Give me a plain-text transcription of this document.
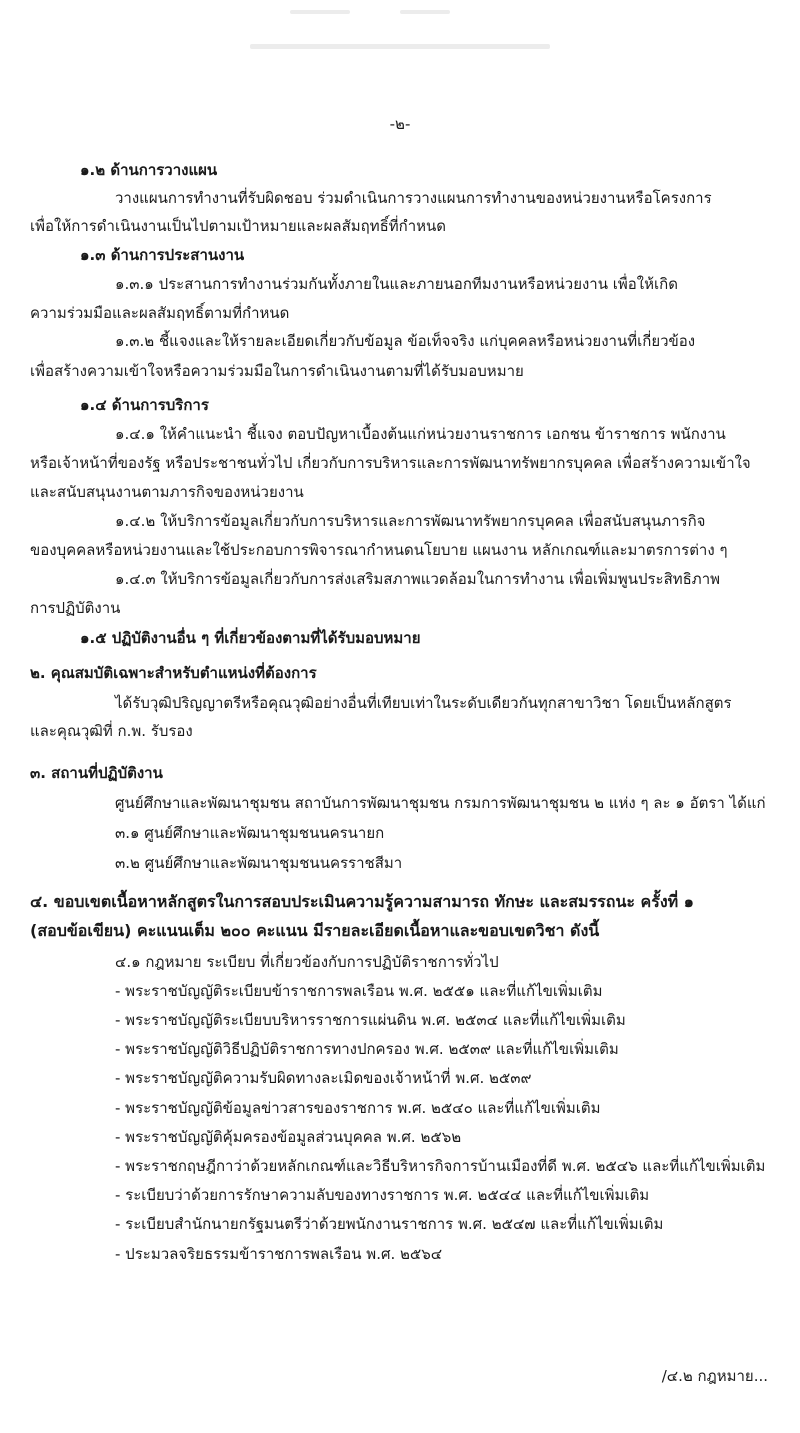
-๒-
๑.๒ ด้านการวางแผน
วางแผนการทำงานที่รับผิดชอบ ร่วมดำเนินการวางแผนการทำงานของหน่วยงานหรือโครงการ
เพื่อให้การดำเนินงานเป็นไปตามเป้าหมายและผลสัมฤทธิ์ที่กำหนด
๑.๓ ด้านการประสานงาน
๑.๓.๑ ประสานการทำงานร่วมกันทั้งภายในและภายนอกทีมงานหรือหน่วยงาน เพื่อให้เกิด
ความร่วมมือและผลสัมฤทธิ์ตามที่กำหนด
๑.๓.๒ ชี้แจงและให้รายละเอียดเกี่ยวกับข้อมูล ข้อเท็จจริง แก่บุคคลหรือหน่วยงานที่เกี่ยวข้อง
เพื่อสร้างความเข้าใจหรือความร่วมมือในการดำเนินงานตามที่ได้รับมอบหมาย
๑.๔ ด้านการบริการ
๑.๔.๑ ให้คำแนะนำ ชี้แจง ตอบปัญหาเบื้องต้นแก่หน่วยงานราชการ เอกชน ข้าราชการ พนักงาน
หรือเจ้าหน้าที่ของรัฐ หรือประชาชนทั่วไป เกี่ยวกับการบริหารและการพัฒนาทรัพยากรบุคคล เพื่อสร้างความเข้าใจ
และสนับสนุนงานตามภารกิจของหน่วยงาน
๑.๔.๒ ให้บริการข้อมูลเกี่ยวกับการบริหารและการพัฒนาทรัพยากรบุคคล เพื่อสนับสนุนภารกิจ
ของบุคคลหรือหน่วยงานและใช้ประกอบการพิจารณากำหนดนโยบาย แผนงาน หลักเกณฑ์และมาตรการต่าง ๆ
๑.๔.๓ ให้บริการข้อมูลเกี่ยวกับการส่งเสริมสภาพแวดล้อมในการทำงาน เพื่อเพิ่มพูนประสิทธิภาพ
การปฏิบัติงาน
๑.๕ ปฏิบัติงานอื่น ๆ ที่เกี่ยวข้องตามที่ได้รับมอบหมาย
๒. คุณสมบัติเฉพาะสำหรับตำแหน่งที่ต้องการ
ได้รับวุฒิปริญญาตรีหรือคุณวุฒิอย่างอื่นที่เทียบเท่าในระดับเดียวกันทุกสาขาวิชา โดยเป็นหลักสูตร
และคุณวุฒิที่ ก.พ. รับรอง
๓. สถานที่ปฏิบัติงาน
ศูนย์ศึกษาและพัฒนาชุมชน สถาบันการพัฒนาชุมชน กรมการพัฒนาชุมชน ๒ แห่ง ๆ ละ ๑ อัตรา ได้แก่
๓.๑ ศูนย์ศึกษาและพัฒนาชุมชนนครนายก
๓.๒ ศูนย์ศึกษาและพัฒนาชุมชนนครราชสีมา
๔. ขอบเขตเนื้อหาหลักสูตรในการสอบประเมินความรู้ความสามารถ ทักษะ และสมรรถนะ ครั้งที่ ๑
(สอบข้อเขียน) คะแนนเต็ม ๒๐๐ คะแนน มีรายละเอียดเนื้อหาและขอบเขตวิชา ดังนี้
๔.๑ กฎหมาย ระเบียบ ที่เกี่ยวข้องกับการปฏิบัติราชการทั่วไป
- พระราชบัญญัติระเบียบข้าราชการพลเรือน พ.ศ. ๒๕๕๑ และที่แก้ไขเพิ่มเติม
- พระราชบัญญัติระเบียบบริหารราชการแผ่นดิน พ.ศ. ๒๕๓๔ และที่แก้ไขเพิ่มเติม
- พระราชบัญญัติวิธีปฏิบัติราชการทางปกครอง พ.ศ. ๒๕๓๙ และที่แก้ไขเพิ่มเติม
- พระราชบัญญัติความรับผิดทางละเมิดของเจ้าหน้าที่ พ.ศ. ๒๕๓๙
- พระราชบัญญัติข้อมูลข่าวสารของราชการ พ.ศ. ๒๕๔๐ และที่แก้ไขเพิ่มเติม
- พระราชบัญญัติคุ้มครองข้อมูลส่วนบุคคล พ.ศ. ๒๕๖๒
- พระราชกฤษฎีกาว่าด้วยหลักเกณฑ์และวิธีบริหารกิจการบ้านเมืองที่ดี พ.ศ. ๒๕๔๖ และที่แก้ไขเพิ่มเติม
- ระเบียบว่าด้วยการรักษาความลับของทางราชการ พ.ศ. ๒๕๔๔ และที่แก้ไขเพิ่มเติม
- ระเบียบสำนักนายกรัฐมนตรีว่าด้วยพนักงานราชการ พ.ศ. ๒๕๔๗ และที่แก้ไขเพิ่มเติม
- ประมวลจริยธรรมข้าราชการพลเรือน พ.ศ. ๒๕๖๔
/๔.๒ กฎหมาย...
